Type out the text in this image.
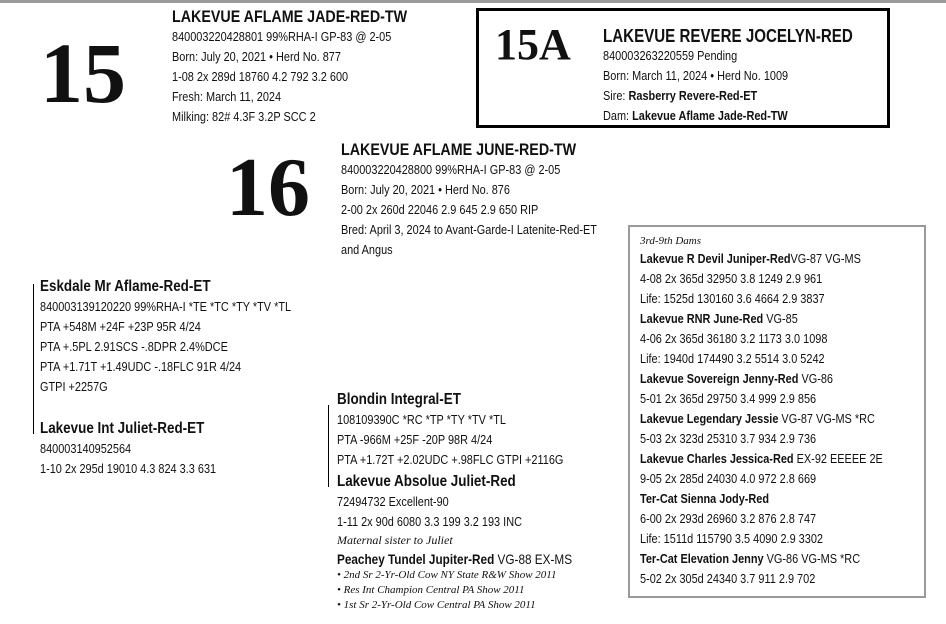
15
LAKEVUE AFLAME JADE-RED-TW
840003220428801 99%RHA-I GP-83 @ 2-05
Born: July 20, 2021 • Herd No. 877
1-08 2x 289d 18760 4.2 792 3.2 600
Fresh: March 11, 2024
Milking: 82# 4.3F 3.2P SCC 2
15A LAKEVUE REVERE JOCELYN-RED
840003263220559 Pending
Born: March 11, 2024 • Herd No. 1009
Sire: Rasberry Revere-Red-ET
Dam: Lakevue Aflame Jade-Red-TW
16 LAKEVUE AFLAME JUNE-RED-TW
840003220428800 99%RHA-I GP-83 @ 2-05
Born: July 20, 2021 • Herd No. 876
2-00 2x 260d 22046 2.9 645 2.9 650 RIP
Bred: April 3, 2024 to Avant-Garde-I Latenite-Red-ET
and Angus
Eskdale Mr Aflame-Red-ET
840003139120220 99%RHA-I *TE *TC *TY *TV *TL
PTA +548M +24F +23P 95R 4/24
PTA +.5PL 2.91SCS -.8DPR 2.4%DCE
PTA +1.71T +1.49UDC -.18FLC 91R 4/24
GTPI +2257G
Lakevue Int Juliet-Red-ET
840003140952564
1-10 2x 295d 19010 4.3 824 3.3 631
Blondin Integral-ET
108109390C *RC *TP *TY *TV *TL
PTA -966M +25F -20P 98R 4/24
PTA +1.72T +2.02UDC +.98FLC GTPI +2116G
Lakevue Absolue Juliet-Red
72494732 Excellent-90
1-11 2x 90d 6080 3.3 199 3.2 193 INC
Maternal sister to Juliet
Peachey Tundel Jupiter-Red VG-88 EX-MS
• 2nd Sr 2-Yr-Old Cow NY State R&W Show 2011
• Res Int Champion Central PA Show 2011
• 1st Sr 2-Yr-Old Cow Central PA Show 2011
3rd-9th Dams
Lakevue R Devil Juniper-RedVG-87 VG-MS
4-08 2x 365d 32950 3.8 1249 2.9 961
Life: 1525d 130160 3.6 4664 2.9 3837
Lakevue RNR June-Red VG-85
4-06 2x 365d 36180 3.2 1173 3.0 1098
Life: 1940d 174490 3.2 5514 3.0 5242
Lakevue Sovereign Jenny-Red VG-86
5-01 2x 365d 29750 3.4 999 2.9 856
Lakevue Legendary Jessie VG-87 VG-MS *RC
5-03 2x 323d 25310 3.7 934 2.9 736
Lakevue Charles Jessica-Red EX-92 EEEEE 2E
9-05 2x 285d 24030 4.0 972 2.8 669
Ter-Cat Sienna Jody-Red
6-00 2x 293d 26960 3.2 876 2.8 747
Life: 1511d 115790 3.5 4090 2.9 3302
Ter-Cat Elevation Jenny VG-86 VG-MS *RC
5-02 2x 305d 24340 3.7 911 2.9 702
